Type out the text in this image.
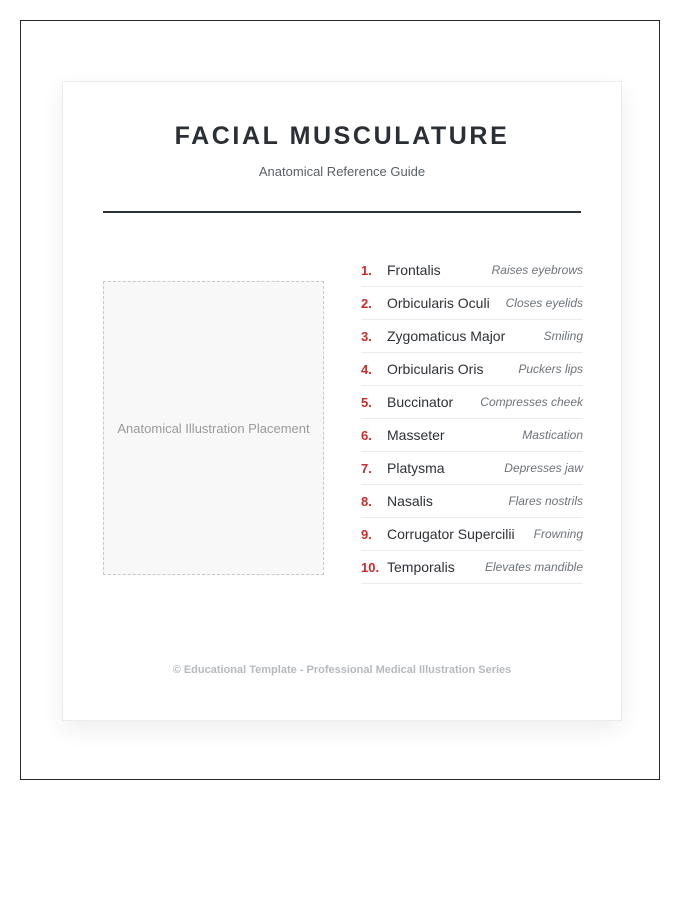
FACIAL MUSCULATURE
Anatomical Reference Guide
Anatomical Illustration Placement
1.	Frontalis	Raises eyebrows
2.	Orbicularis Oculi	Closes eyelids
3.	Zygomaticus Major	Smiling
4.	Orbicularis Oris	Puckers lips
5.	Buccinator	Compresses cheek
6.	Masseter	Mastication
7.	Platysma	Depresses jaw
8.	Nasalis	Flares nostrils
9.	Corrugator Supercilii	Frowning
10. Temporalis	Elevates mandible
© Educational Template - Professional Medical Illustration Series
